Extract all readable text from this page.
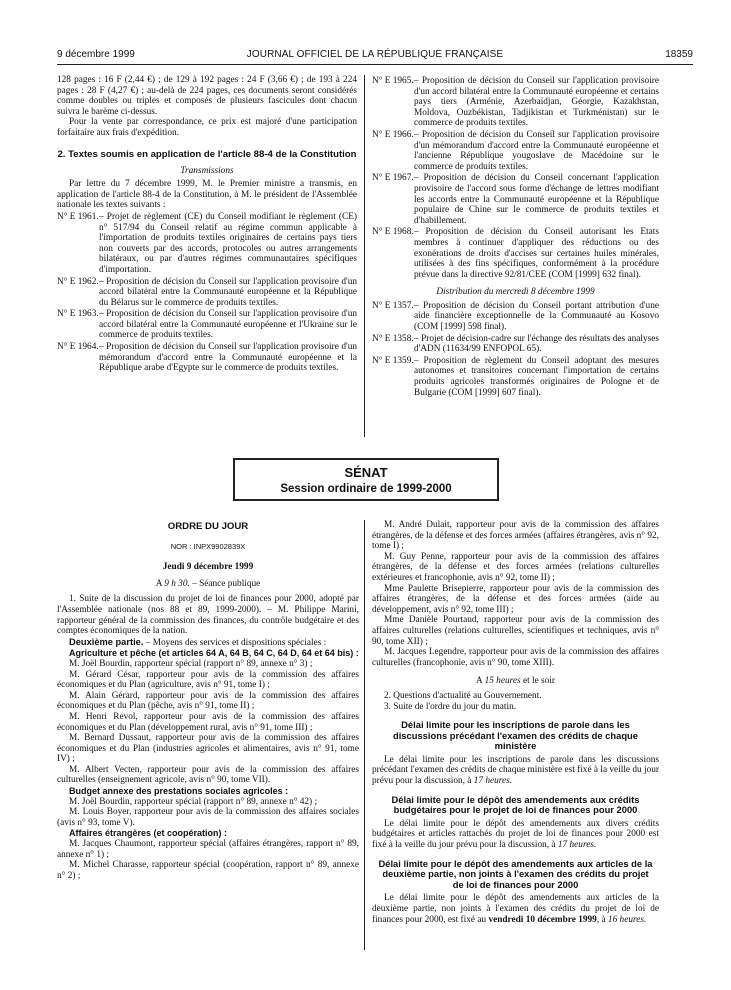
9 décembre 1999	JOURNAL OFFICIEL DE LA RÉPUBLIQUE FRANÇAISE	18359

128 pages : 16 F (2,44 €) ; de 129 à 192 pages : 24 F (3,66 €) ; de 193 à 224 pages : 28 F (4,27 €) ; au-delà de 224 pages, ces documents seront considérés comme doubles ou triples et composés de plusieurs fascicules dont chacun suivra le barème ci-dessus.

Pour la vente par correspondance, ce prix est majoré d'une participation forfaitaire aux frais d'expédition.

2. Textes soumis en application de l'article 88-4 de la Constitution
Transmissions

Par lettre du 7 décembre 1999, M. le Premier ministre a transmis, en application de l'article 88-4 de la Constitution, à M. le président de l'Assemblée nationale les textes suivants :

N° E 1961. – Projet de règlement (CE) du Conseil modifiant le règlement (CE) n° 517/94 du Conseil relatif au régime commun applicable à l'importation de produits textiles originaires de certains pays tiers non couverts par des accords, protocoles ou autres arrangements bilatéraux, ou par d'autres régimes communautaires spécifiques d'importation.
N° E 1962. – Proposition de décision du Conseil sur l'application provisoire d'un accord bilatéral entre la Communauté européenne et la République du Bélarus sur le commerce de produits textiles.
N° E 1963. – Proposition de décision du Conseil sur l'application provisoire d'un accord bilatéral entre la Communauté européenne et l'Ukraine sur le commerce de produits textiles.
N° E 1964. – Proposition de décision du Conseil sur l'application provisoire d'un mémorandum d'accord entre la Communauté européenne et la République arabe d'Egypte sur le commerce de produits textiles.
N° E 1965. – Proposition de décision du Conseil sur l'application provisoire d'un accord bilatéral entre la Communauté européenne et certains pays tiers (Arménie, Azerbaïdjan, Géorgie, Kazakhstan, Moldova, Ouzbékistan, Tadjikistan et Turkménistan) sur le commerce de produits textiles.
N° E 1966. – Proposition de décision du Conseil sur l'application provisoire d'un mémorandum d'accord entre la Communauté européenne et l'ancienne République yougoslave de Macédoine sur le commerce de produits textiles.
N° E 1967. – Proposition de décision du Conseil concernant l'application provisoire de l'accord sous forme d'échange de lettres modifiant les accords entre la Communauté européenne et la République populaire de Chine sur le commerce de produits textiles et d'habillement.
N° E 1968. – Proposition de décision du Conseil autorisant les Etats membres à continuer d'appliquer des réductions ou des exonérations de droits d'accises sur certaines huiles minérales, utilisées à des fins spécifiques, conformément à la procédure prévue dans la directive 92/81/CEE (COM [1999] 632 final).
Distribution du mercredi 8 décembre 1999
N° E 1357. – Proposition de décision du Conseil portant attribution d'une aide financière exceptionnelle de la Communauté au Kosovo (COM [1999] 598 final).
N° E 1358. – Projet de décision-cadre sur l'échange des résultats des analyses d'ADN (11634/99 ENFOPOL 65).
N° E 1359. – Proposition de règlement du Conseil adoptant des mesures autonomes et transitoires concernant l'importation de certains produits agricoles transformés originaires de Pologne et de Bulgarie (COM [1999] 607 final).
SÉNAT
Session ordinaire de 1999-2000
ORDRE DU JOUR
NOR : INPX9902839X
Jeudi 9 décembre 1999
A 9 h 30. – Séance publique

1. Suite de la discussion du projet de loi de finances pour 2000, adopté par l'Assemblée nationale (nos 88 et 89, 1999-2000). – M. Philippe Marini, rapporteur général de la commission des finances, du contrôle budgétaire et des comptes économiques de la nation.

Deuxième partie. – Moyens des services et dispositions spéciales :

Agriculture et pêche (et articles 64 A, 64 B, 64 C, 64 D, 64 et 64 bis) :

M. Joël Bourdin, rapporteur spécial (rapport n° 89, annexe n° 3) ;

M. Gérard César, rapporteur pour avis de la commission des affaires économiques et du Plan (agriculture, avis n° 91, tome I) ;

M. Alain Gérard, rapporteur pour avis de la commission des affaires économiques et du Plan (pêche, avis n° 91, tome II) ;

M. Henri Revol, rapporteur pour avis de la commission des affaires économiques et du Plan (développement rural, avis n° 91, tome III) ;

M. Bernard Dussaut, rapporteur pour avis de la commission des affaires économiques et du Plan (industries agricoles et alimentaires, avis n° 91, tome IV) ;

M. Albert Vecten, rapporteur pour avis de la commission des affaires culturelles (enseignement agricole, avis n° 90, tome VII).

Budget annexe des prestations sociales agricoles :

M. Joël Bourdin, rapporteur spécial (rapport n° 89, annexe n° 42) ;

M. Louis Boyer, rapporteur pour avis de la commission des affaires sociales (avis n° 93, tome V).

Affaires étrangères (et coopération) :

M. Jacques Chaumont, rapporteur spécial (affaires étrangères, rapport n° 89, annexe n° 1) ;

M. Michel Charasse, rapporteur spécial (coopération, rapport n° 89, annexe n° 2) ;

M. André Dulait, rapporteur pour avis de la commission des affaires étrangères, de la défense et des forces armées (affaires étrangères, avis n° 92, tome I) ;

M. Guy Penne, rapporteur pour avis de la commission des affaires étrangères, de la défense et des forces armées (relations culturelles extérieures et francophonie, avis n° 92, tome II) ;

Mme Paulette Brisepierre, rapporteur pour avis de la commission des affaires étrangères, de la défense et des forces armées (aide au développement, avis n° 92, tome III) ;

Mme Danièle Pourtaud, rapporteur pour avis de la commission des affaires culturelles (relations culturelles, scientifiques et techniques, avis n° 90, tome XII) ;

M. Jacques Legendre, rapporteur pour avis de la commission des affaires culturelles (francophonie, avis n° 90, tome XIII).

A 15 heures et le soir

2. Questions d'actualité au Gouvernement.

3. Suite de l'ordre du jour du matin.

Délai limite pour les inscriptions de parole dans les discussions précédant l'examen des crédits de chaque ministère

Le délai limite pour les inscriptions de parole dans les discussions précédant l'examen des crédits de chaque ministère est fixé à la veille du jour prévu pour la discussion, à 17 heures.

Délai limite pour le dépôt des amendements aux crédits budgétaires pour le projet de loi de finances pour 2000

Le délai limite pour le dépôt des amendements aux divers crédits budgétaires et articles rattachés du projet de loi de finances pour 2000 est fixé à la veille du jour prévu pour la discussion, à 17 heures.

Délai limite pour le dépôt des amendements aux articles de la deuxième partie, non joints à l'examen des crédits du projet de loi de finances pour 2000

Le délai limite pour le dépôt des amendements aux articles de la deuxième partie, non joints à l'examen des crédits du projet de loi de finances pour 2000, est fixé au vendredi 10 décembre 1999, à 16 heures.
